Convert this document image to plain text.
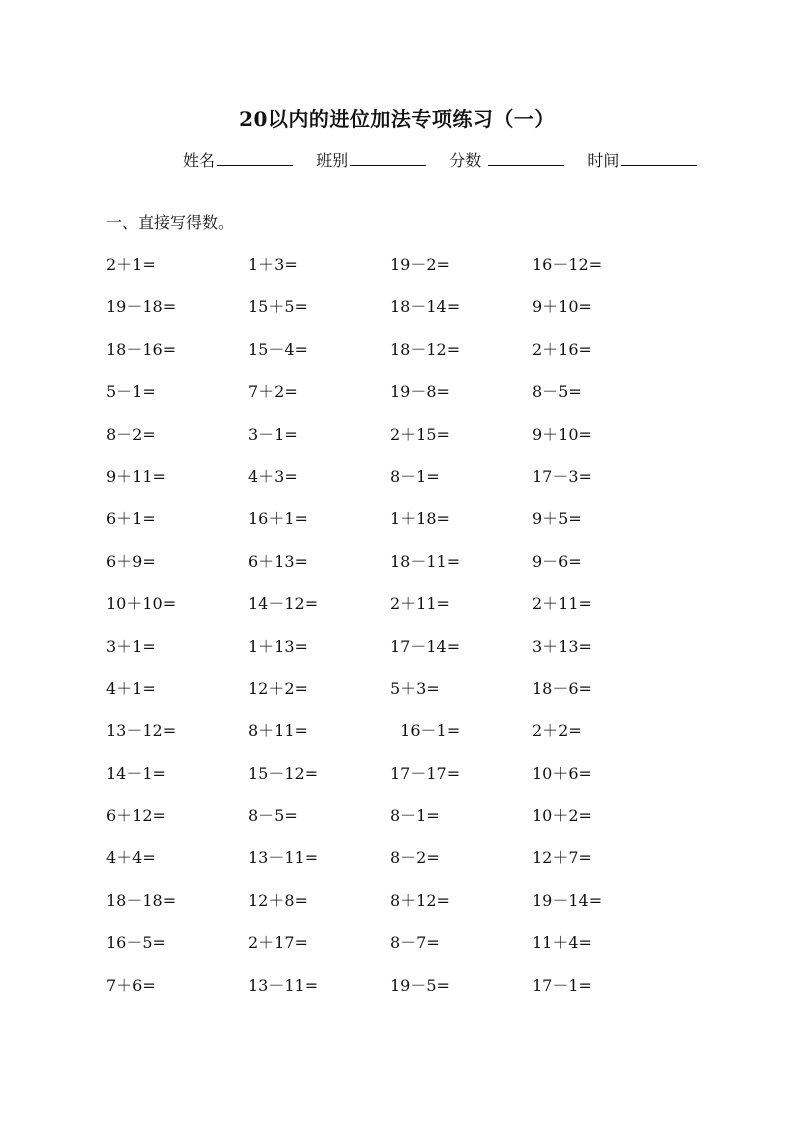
20以内的进位加法专项练习（一）
姓名	班别	分数	时间
一、直接写得数。
2＋1=	1＋3=	19－2=	16－12=
19－18=	15＋5=	18－14=	9＋10=
18－16=	15－4=	18－12=	2＋16=
5－1=	7＋2=	19－8=	8－5=
8－2=	3－1=	2＋15=	9＋10=
9＋11=	4＋3=	8－1=	17－3=
6＋1=	16＋1=	1＋18=	9＋5=
6＋9=	6＋13=	18－11=	9－6=
10＋10=	14－12=	2＋11=	2＋11=
3＋1=	1＋13=	17－14=	3＋13=
4＋1=	12＋2=	5＋3=	18－6=
13－12=	8＋11=	16－1=	2＋2=
14－1=	15－12=	17－17=	10＋6=
6＋12=	8－5=	8－1=	10＋2=
4＋4=	13－11=	8－2=	12＋7=
18－18=	12＋8=	8＋12=	19－14=
16－5=	2＋17=	8－7=	11＋4=
7＋6=	13－11=	19－5=	17－1=
